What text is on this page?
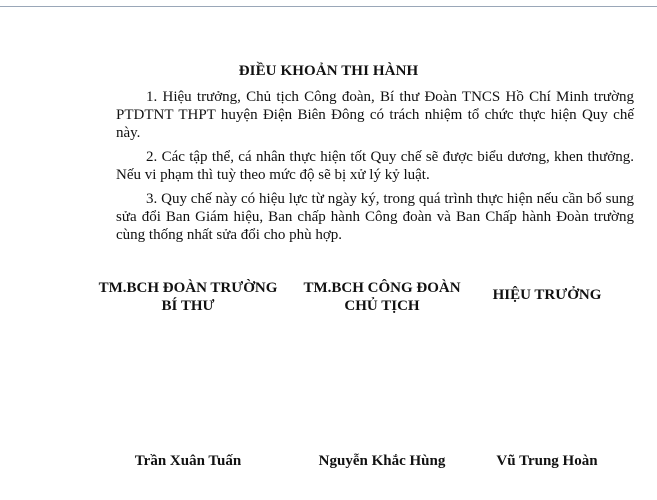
ĐIỀU KHOẢN THI HÀNH

1. Hiệu trưởng, Chủ tịch Công đoàn, Bí thư Đoàn TNCS Hồ Chí Minh trường PTDTNT THPT huyện Điện Biên Đông có trách nhiệm tổ chức thực hiện Quy chế này.

2. Các tập thể, cá nhân thực hiện tốt Quy chế sẽ được biểu dương, khen thưởng. Nếu vi phạm thì tuỳ theo mức độ sẽ bị xử lý kỷ luật.

3. Quy chế này có hiệu lực từ ngày ký, trong quá trình thực hiện nếu cần bổ sung sửa đổi Ban Giám hiệu, Ban chấp hành Công đoàn và Ban Chấp hành Đoàn trường cùng thống nhất sửa đổi cho phù hợp.

TM.BCH ĐOÀN TRƯỜNG
BÍ THƯ
TM.BCH CÔNG ĐOÀN
CHỦ TỊCH
HIỆU TRƯỞNG
Trần Xuân Tuấn	Nguyễn Khắc Hùng	Vũ Trung Hoàn
